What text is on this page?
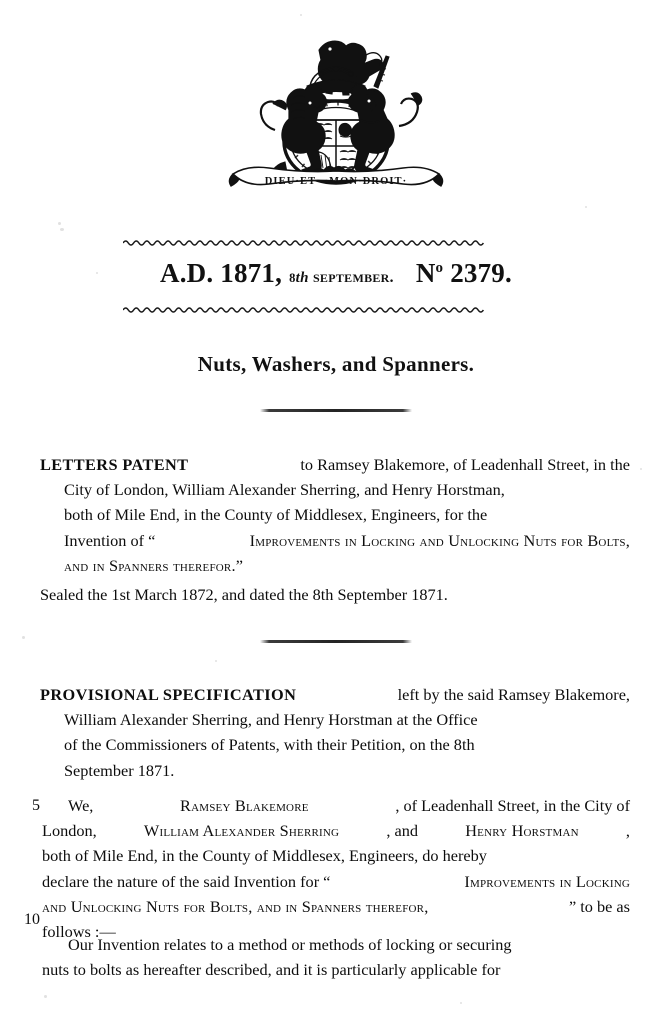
DIEU·ET· ·MON·DROIT·
A.D. 1871, 8th september. $N^o$ 2379.
Nuts, Washers, and Spanners.
LETTERS PATENT	to Ramsey Blakemore, of Leadenhall Street, in the
City of London, William Alexander Sherring, and Henry Horstman,
both of Mile End, in the County of Middlesex, Engineers, for the
Invention of “	Improvements in Locking and Unlocking Nuts for Bolts,
and in Spanners therefor. ”
Sealed the 1st March 1872, and dated the 8th September 1871.
PROVISIONAL SPECIFICATION	left by the said Ramsey Blakemore,
William Alexander Sherring, and Henry Horstman at the Office
of the Commissioners of Patents, with their Petition, on the 8th
September 1871.
5
10
We,	Ramsey Blakemore	, of Leadenhall Street, in the City of
London,	William Alexander Sherring	, and	Henry Horstman	,
both of Mile End, in the County of Middlesex, Engineers, do hereby
declare the nature of the said Invention for “	Improvements in Locking
and Unlocking Nuts for Bolts, and in Spanners therefor,	” to be as
follows :—
Our Invention relates to a method or methods of locking or securing
nuts to bolts as hereafter described, and it is particularly applicable for
